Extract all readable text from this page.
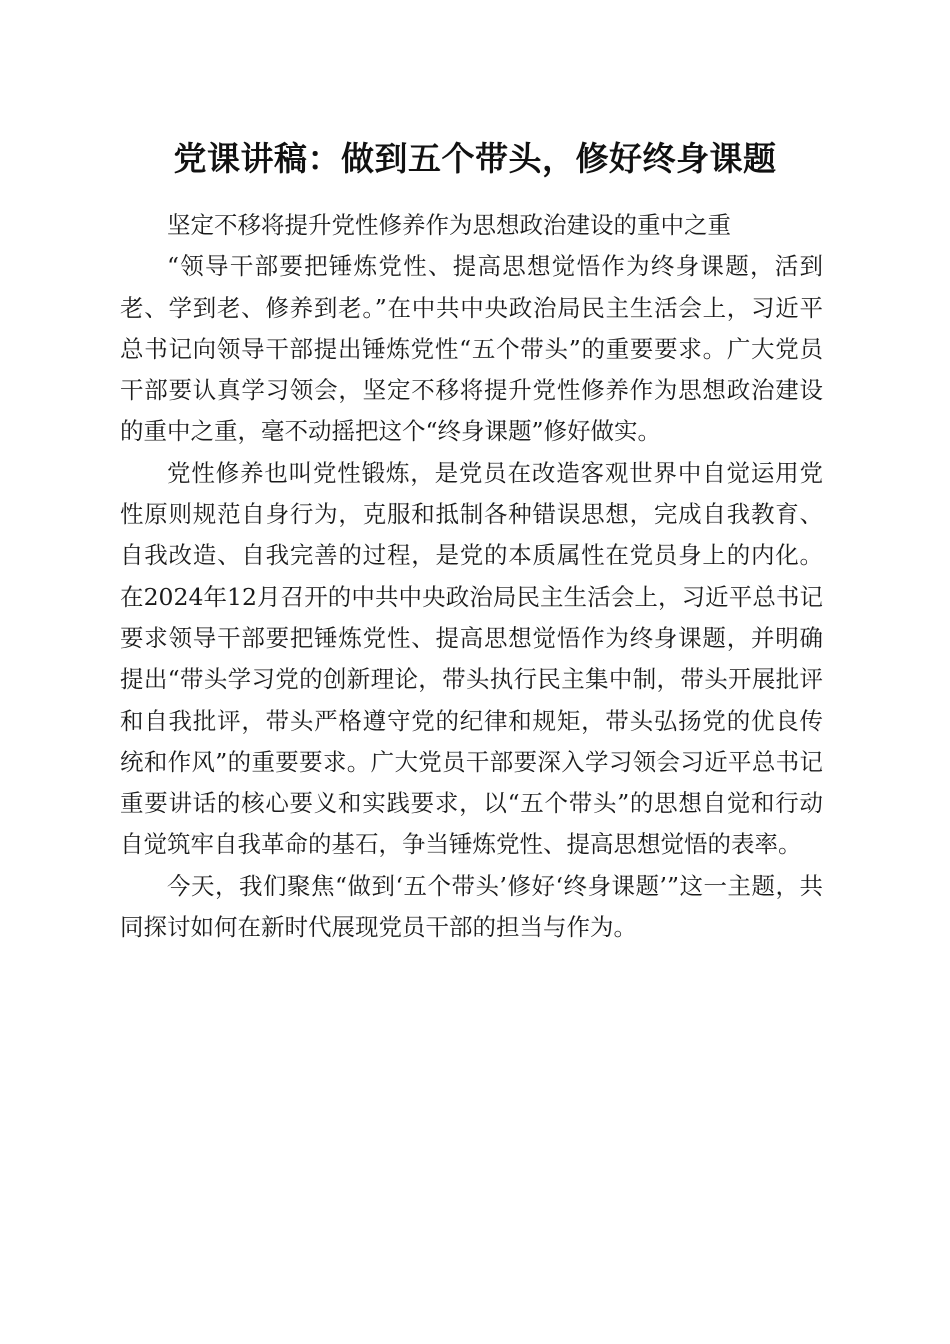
党课讲稿：做到五个带头，修好终身课题

坚定不移将提升党性修养作为思想政治建设的重中之重

“领导干部要把锤炼党性、提高思想觉悟作为终身课题，活到老、学到老、修养到老。”在中共中央政治局民主生活会上，习近平总书记向领导干部提出锤炼党性“五个带头”的重要要求。广大党员干部要认真学习领会，坚定不移将提升党性修养作为思想政治建设的重中之重，毫不动摇把这个“终身课题”修好做实。

党性修养也叫党性锻炼，是党员在改造客观世界中自觉运用党性原则规范自身行为，克服和抵制各种错误思想，完成自我教育、自我改造、自我完善的过程，是党的本质属性在党员身上的内化。在2024年12月召开的中共中央政治局民主生活会上，习近平总书记要求领导干部要把锤炼党性、提高思想觉悟作为终身课题，并明确提出“带头学习党的创新理论，带头执行民主集中制，带头开展批评和自我批评，带头严格遵守党的纪律和规矩，带头弘扬党的优良传统和作风”的重要要求。广大党员干部要深入学习领会习近平总书记重要讲话的核心要义和实践要求，以“五个带头”的思想自觉和行动自觉筑牢自我革命的基石，争当锤炼党性、提高思想觉悟的表率。

今天，我们聚焦“做到‘五个带头’修好‘终身课题’”这一主题，共同探讨如何在新时代展现党员干部的担当与作为。
